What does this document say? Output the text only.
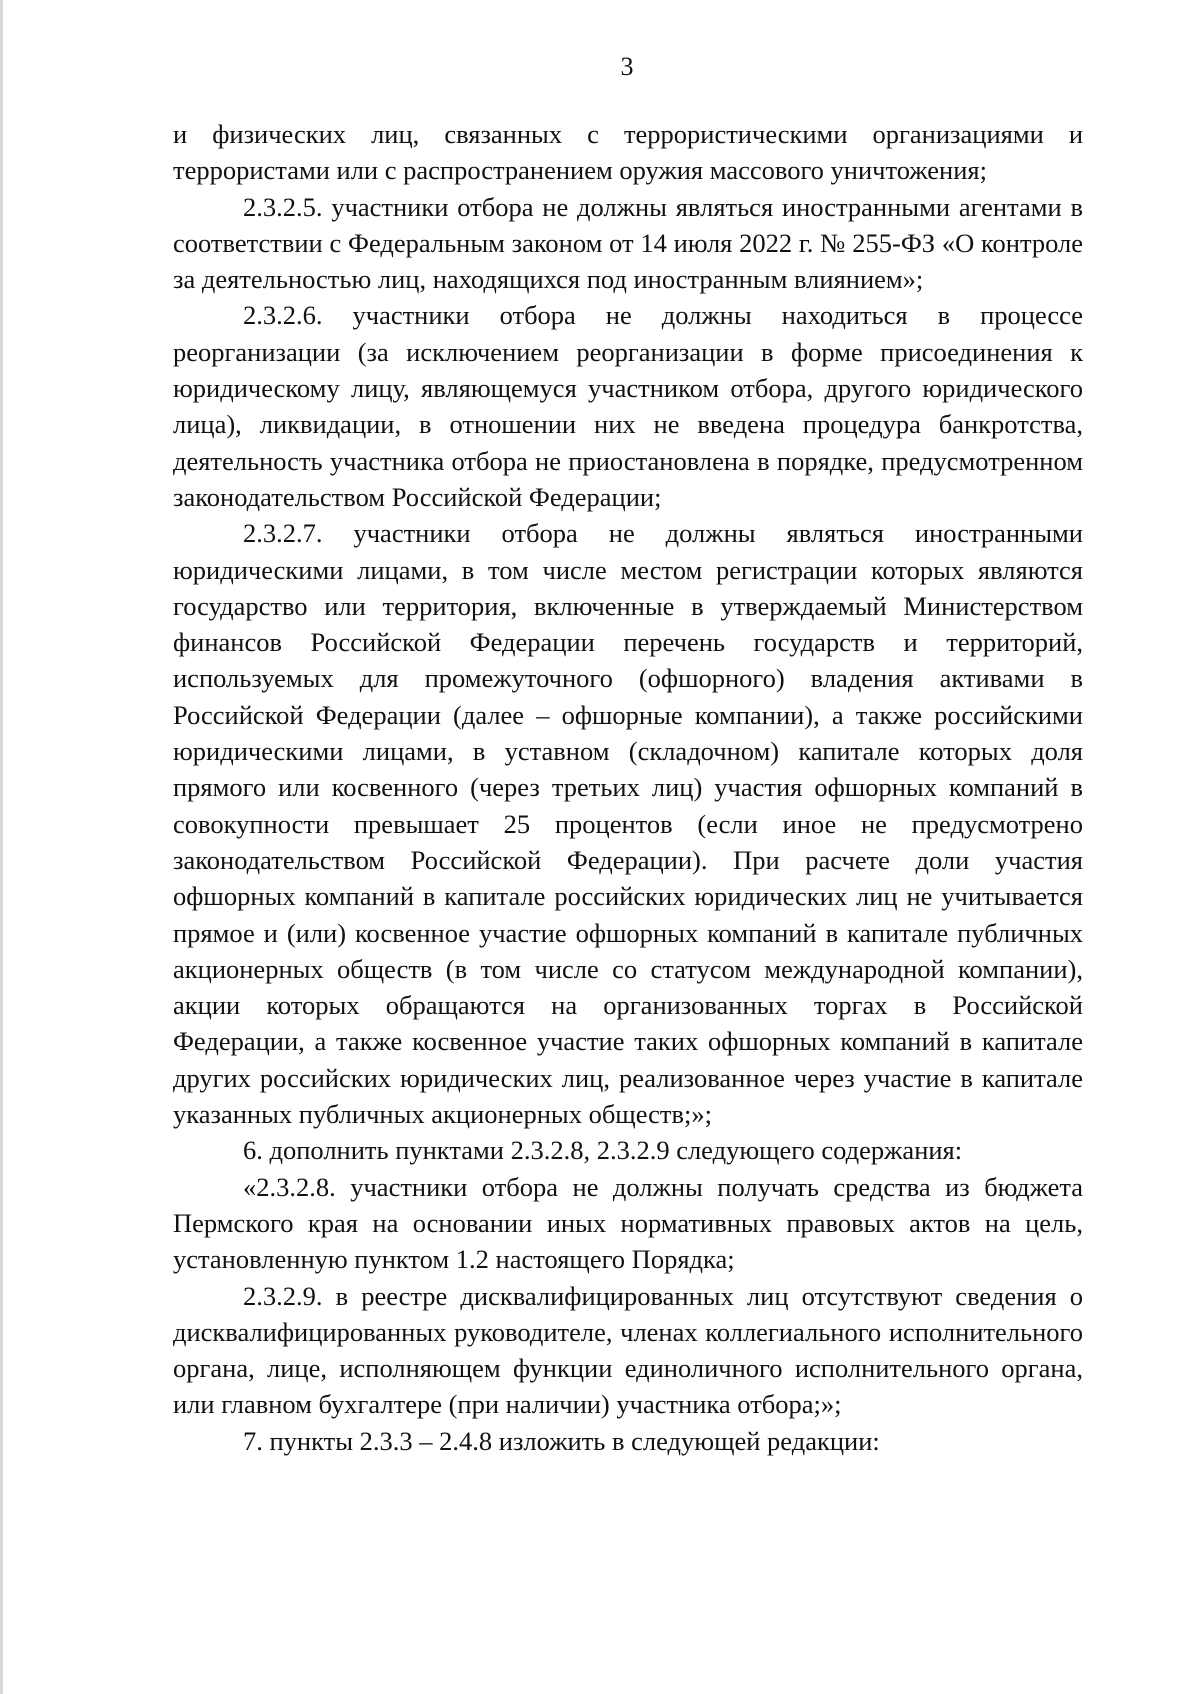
3

и физических лиц, связанных с террористическими организациями и террористами или с распространением оружия массового уничтожения;

2.3.2.5. участники отбора не должны являться иностранными агентами в соответствии с Федеральным законом от 14 июля 2022 г. № 255-ФЗ «О контроле за деятельностью лиц, находящихся под иностранным влиянием»;

2.3.2.6. участники отбора не должны находиться в процессе реорганизации (за исключением реорганизации в форме присоединения к юридическому лицу, являющемуся участником отбора, другого юридического лица), ликвидации, в отношении них не введена процедура банкротства, деятельность участника отбора не приостановлена в порядке, предусмотренном законодательством Российской Федерации;

2.3.2.7. участники отбора не должны являться иностранными юридическими лицами, в том числе местом регистрации которых являются государство или территория, включенные в утверждаемый Министерством финансов Российской Федерации перечень государств и территорий, используемых для промежуточного (офшорного) владения активами в Российской Федерации (далее – офшорные компании), а также российскими юридическими лицами, в уставном (складочном) капитале которых доля прямого или косвенного (через третьих лиц) участия офшорных компаний в совокупности превышает 25 процентов (если иное не предусмотрено законодательством Российской Федерации). При расчете доли участия офшорных компаний в капитале российских юридических лиц не учитывается прямое и (или) косвенное участие офшорных компаний в капитале публичных акционерных обществ (в том числе со статусом международной компании), акции которых обращаются на организованных торгах в Российской Федерации, а также косвенное участие таких офшорных компаний в капитале других российских юридических лиц, реализованное через участие в капитале указанных публичных акционерных обществ;»;

6. дополнить пунктами 2.3.2.8, 2.3.2.9 следующего содержания:

«2.3.2.8. участники отбора не должны получать средства из бюджета Пермского края на основании иных нормативных правовых актов на цель, установленную пунктом 1.2 настоящего Порядка;

2.3.2.9. в реестре дисквалифицированных лиц отсутствуют сведения о дисквалифицированных руководителе, членах коллегиального исполнительного органа, лице, исполняющем функции единоличного исполнительного органа, или главном бухгалтере (при наличии) участника отбора;»;

7. пункты 2.3.3 – 2.4.8 изложить в следующей редакции:
